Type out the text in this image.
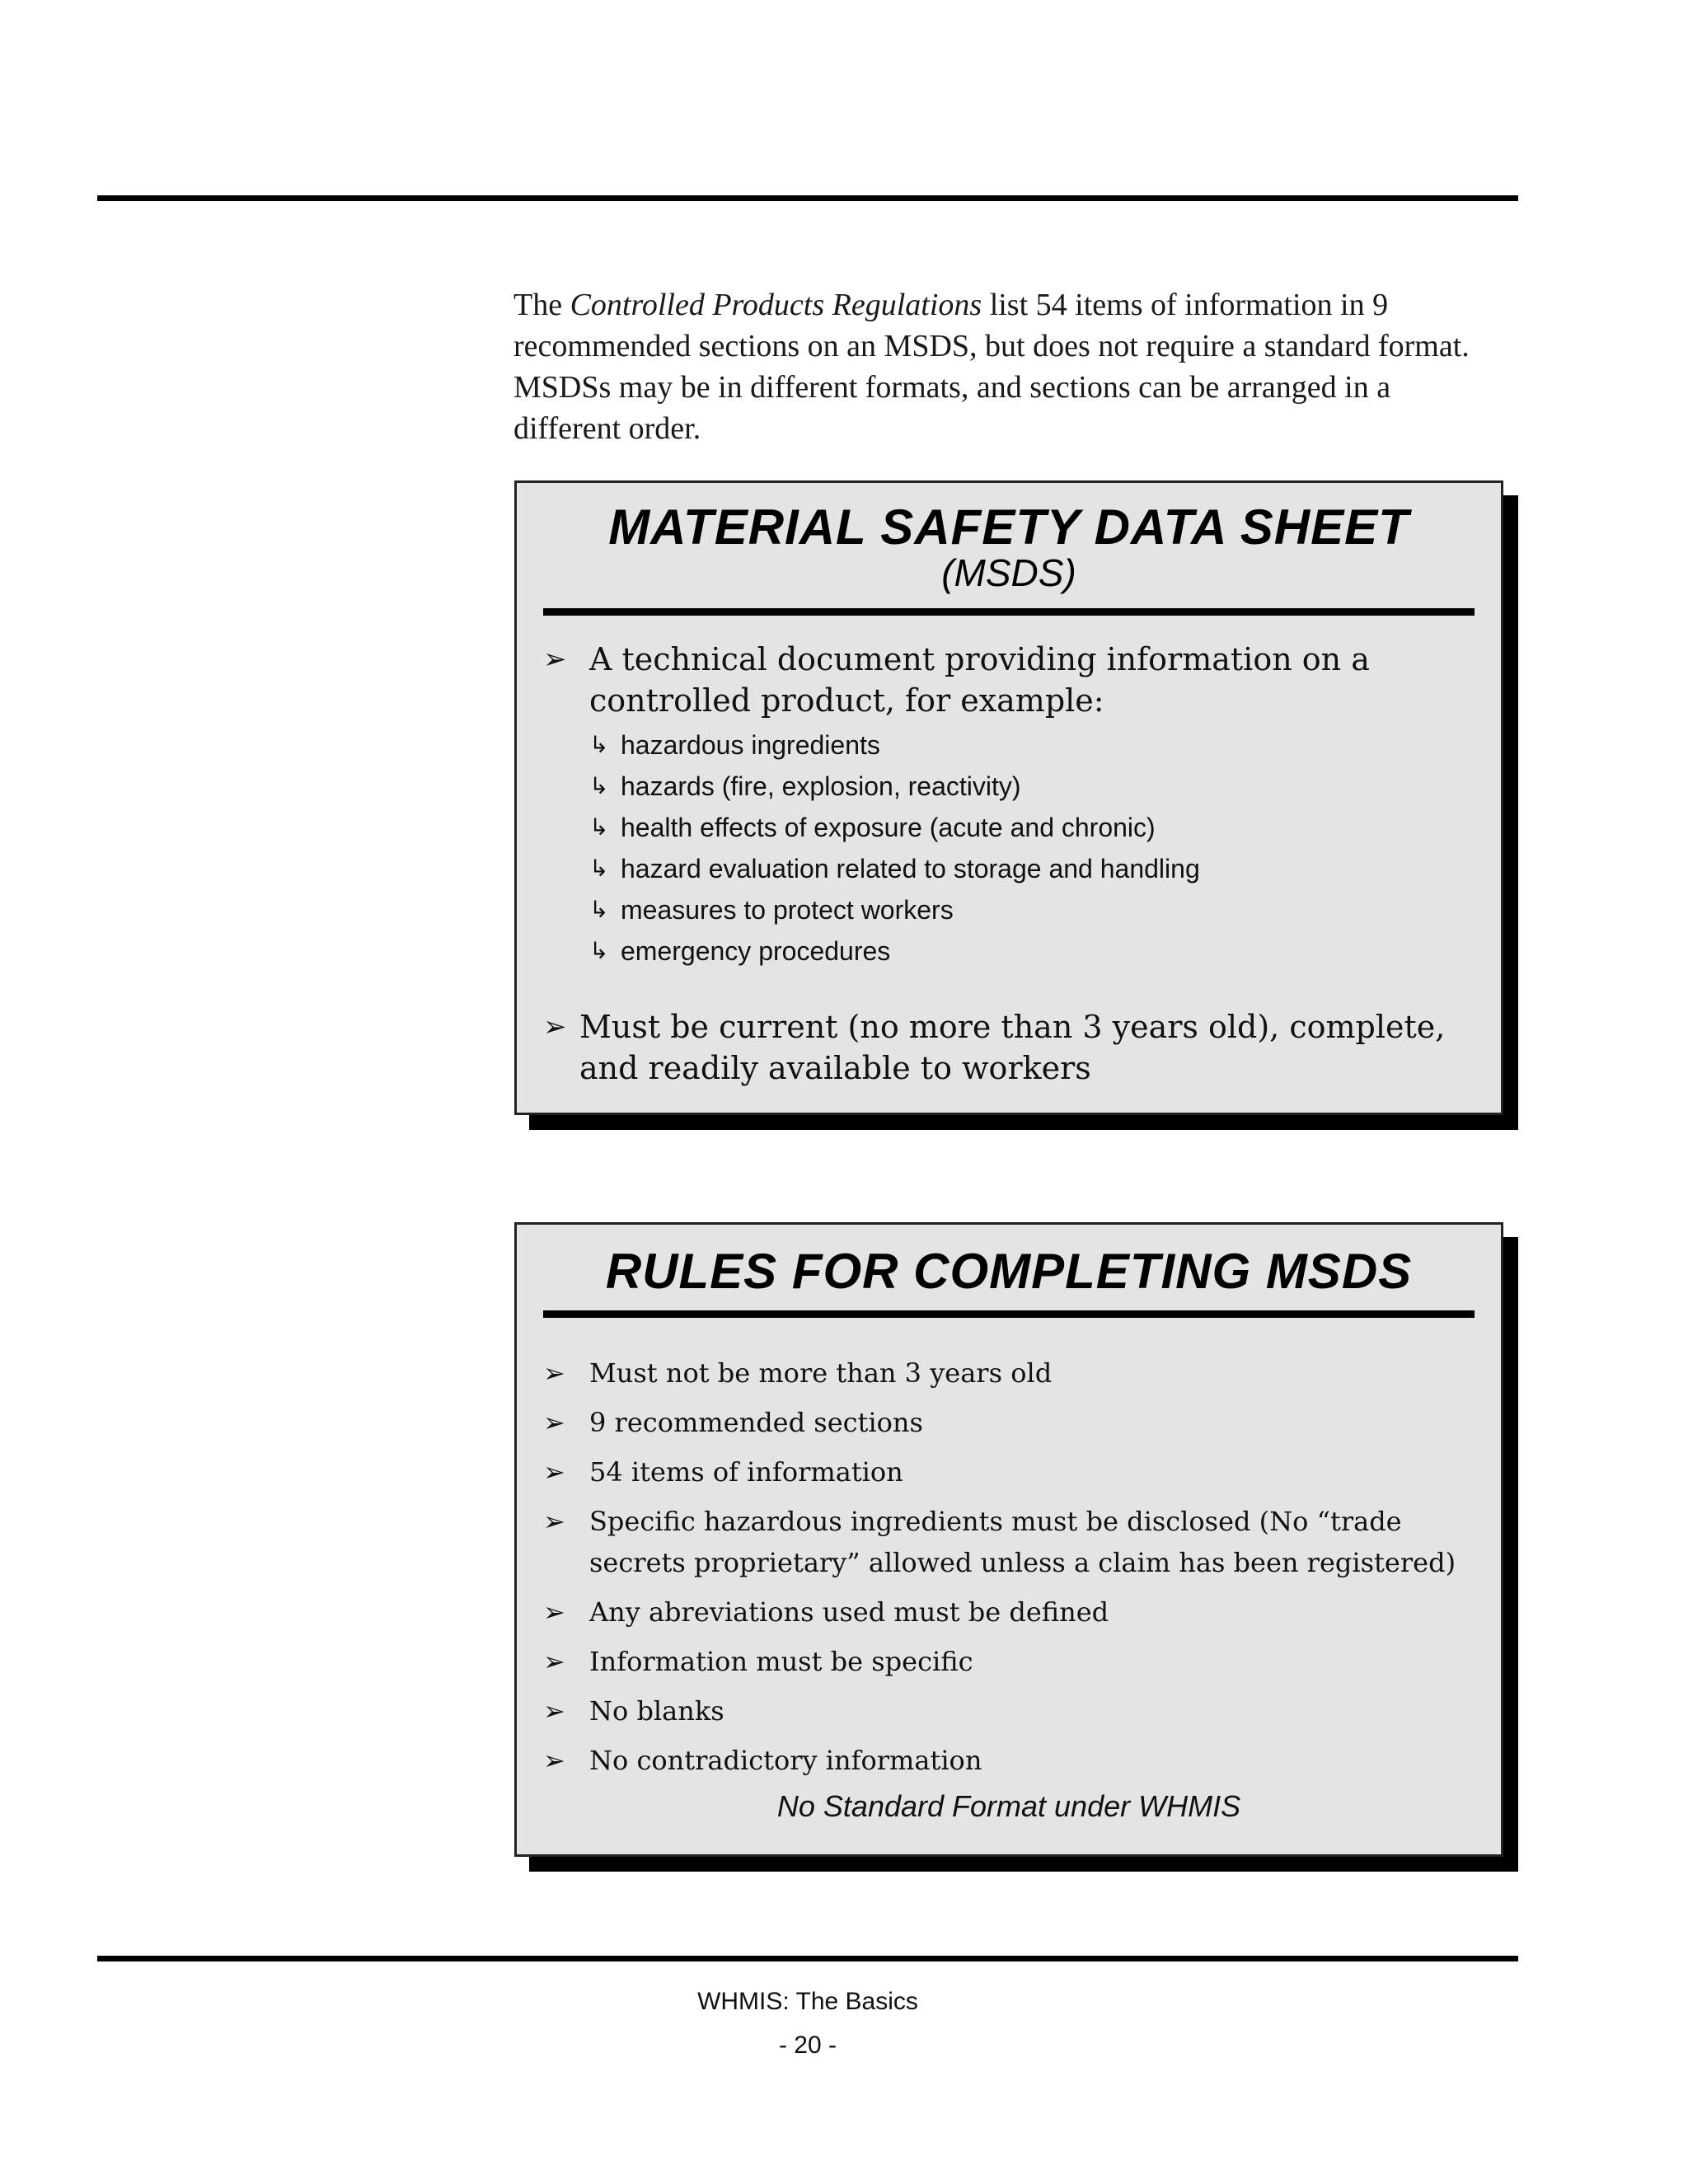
The Controlled Products Regulations list 54 items of information in 9 recommended sections on an MSDS, but does not require a standard format. MSDSs may be in different formats, and sections can be arranged in a different order.

MATERIAL SAFETY DATA SHEET
(MSDS)
➢ A technical document providing information on a controlled product, for example:
↳ hazardous ingredients
↳ hazards (fire, explosion, reactivity)
↳ health effects of exposure (acute and chronic)
↳ hazard evaluation related to storage and handling
↳ measures to protect workers
↳ emergency procedures
➢ Must be current (no more than 3 years old), complete, and readily available to workers
RULES FOR COMPLETING MSDS
➢ Must not be more than 3 years old
➢ 9 recommended sections
➢ 54 items of information
➢ Specific hazardous ingredients must be disclosed (No “trade secrets proprietary” allowed unless a claim has been registered)
➢ Any abreviations used must be defined
➢ Information must be specific
➢ No blanks
➢ No contradictory information
No Standard Format under WHMIS
WHMIS: The Basics
- 20 -
